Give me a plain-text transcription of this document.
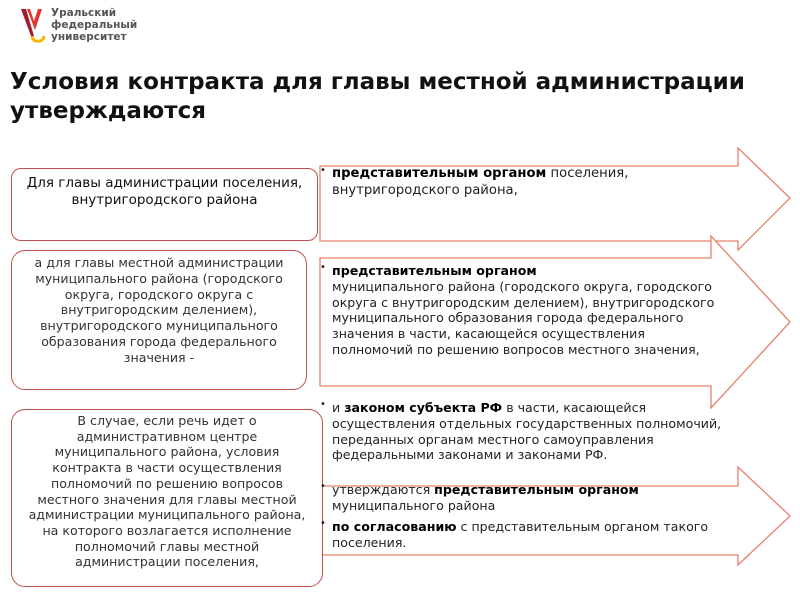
Уральский
федеральный
университет
Условия контракта для главы местной администрации утверждаются
Для главы администрации поселения, внутригородского района
а для главы местной администрации муниципального района (городского округа, городского округа с внутригородским делением), внутригородского муниципального образования города федерального значения -
В случае, если речь идет о административном центре муниципального района, условия контракта в части осуществления полномочий по решению вопросов местного значения для главы местной администрации муниципального района, на которого возлагается исполнение полномочий главы местной администрации поселения,
• представительным органом поселения, внутригородского района,
• представительным органом
муниципального района (городского округа, городского округа с внутригородским делением), внутригородского муниципального образования города федерального значения в части, касающейся осуществления полномочий по решению вопросов местного значения,
• и законом субъекта РФ в части, касающейся осуществления отдельных государственных полномочий, переданных органам местного самоуправления федеральными законами и законами РФ.
• утверждаются представительным органом муниципального района
• по согласованию с представительным органом такого поселения.
